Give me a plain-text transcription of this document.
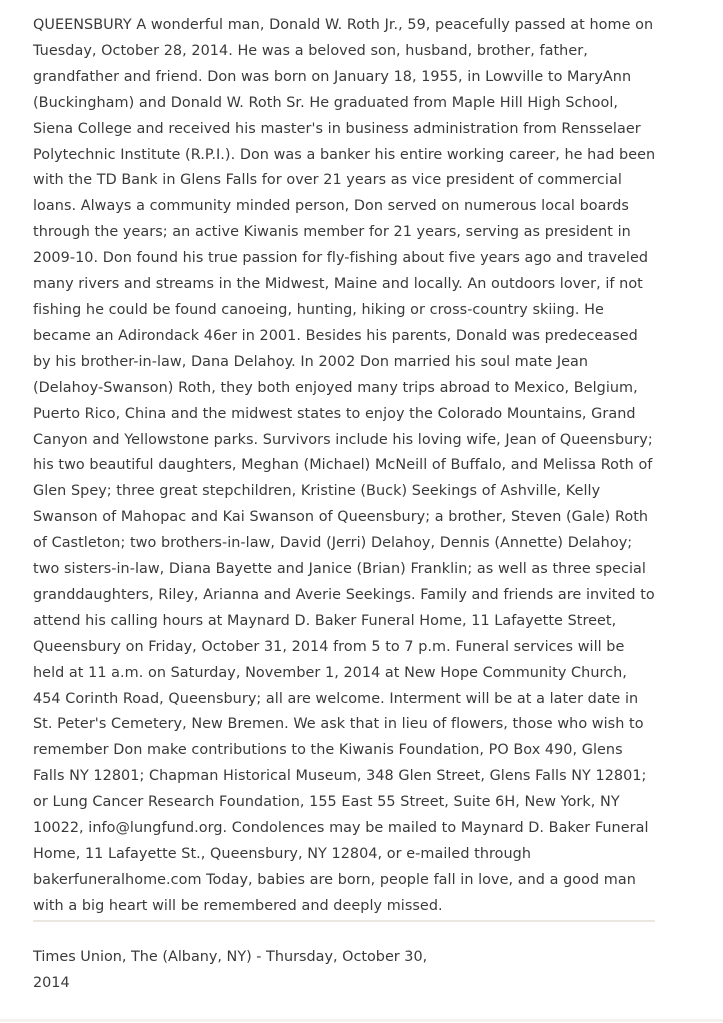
QUEENSBURY A wonderful man, Donald W. Roth Jr., 59, peacefully passed at home on Tuesday, October 28, 2014. He was a beloved son, husband, brother, father, grandfather and friend. Don was born on January 18, 1955, in Lowville to MaryAnn (Buckingham) and Donald W. Roth Sr. He graduated from Maple Hill High School, Siena College and received his master's in business administration from Rensselaer Polytechnic Institute (R.P.I.). Don was a banker his entire working career, he had been with the TD Bank in Glens Falls for over 21 years as vice president of commercial loans. Always a community minded person, Don served on numerous local boards through the years; an active Kiwanis member for 21 years, serving as president in 2009-10. Don found his true passion for fly-fishing about five years ago and traveled many rivers and streams in the Midwest, Maine and locally. An outdoors lover, if not fishing he could be found canoeing, hunting, hiking or cross-country skiing. He became an Adirondack 46er in 2001. Besides his parents, Donald was predeceased by his brother-in-law, Dana Delahoy. In 2002 Don married his soul mate Jean (Delahoy-Swanson) Roth, they both enjoyed many trips abroad to Mexico, Belgium, Puerto Rico, China and the midwest states to enjoy the Colorado Mountains, Grand Canyon and Yellowstone parks. Survivors include his loving wife, Jean of Queensbury; his two beautiful daughters, Meghan (Michael) McNeill of Buffalo, and Melissa Roth of Glen Spey; three great stepchildren, Kristine (Buck) Seekings of Ashville, Kelly Swanson of Mahopac and Kai Swanson of Queensbury; a brother, Steven (Gale) Roth of Castleton; two brothers-in-law, David (Jerri) Delahoy, Dennis (Annette) Delahoy; two sisters-in-law, Diana Bayette and Janice (Brian) Franklin; as well as three special granddaughters, Riley, Arianna and Averie Seekings. Family and friends are invited to attend his calling hours at Maynard D. Baker Funeral Home, 11 Lafayette Street, Queensbury on Friday, October 31, 2014 from 5 to 7 p.m. Funeral services will be held at 11 a.m. on Saturday, November 1, 2014 at New Hope Community Church, 454 Corinth Road, Queensbury; all are welcome. Interment will be at a later date in St. Peter's Cemetery, New Bremen. We ask that in lieu of flowers, those who wish to remember Don make contributions to the Kiwanis Foundation, PO Box 490, Glens Falls NY 12801; Chapman Historical Museum, 348 Glen Street, Glens Falls NY 12801; or Lung Cancer Research Foundation, 155 East 55 Street, Suite 6H, New York, NY 10022, info@lungfund.org. Condolences may be mailed to Maynard D. Baker Funeral Home, 11 Lafayette St., Queensbury, NY 12804, or e-mailed through bakerfuneralhome.com Today, babies are born, people fall in love, and a good man with a big heart will be remembered and deeply missed.

Times Union, The (Albany, NY) - Thursday, October 30, 2014
